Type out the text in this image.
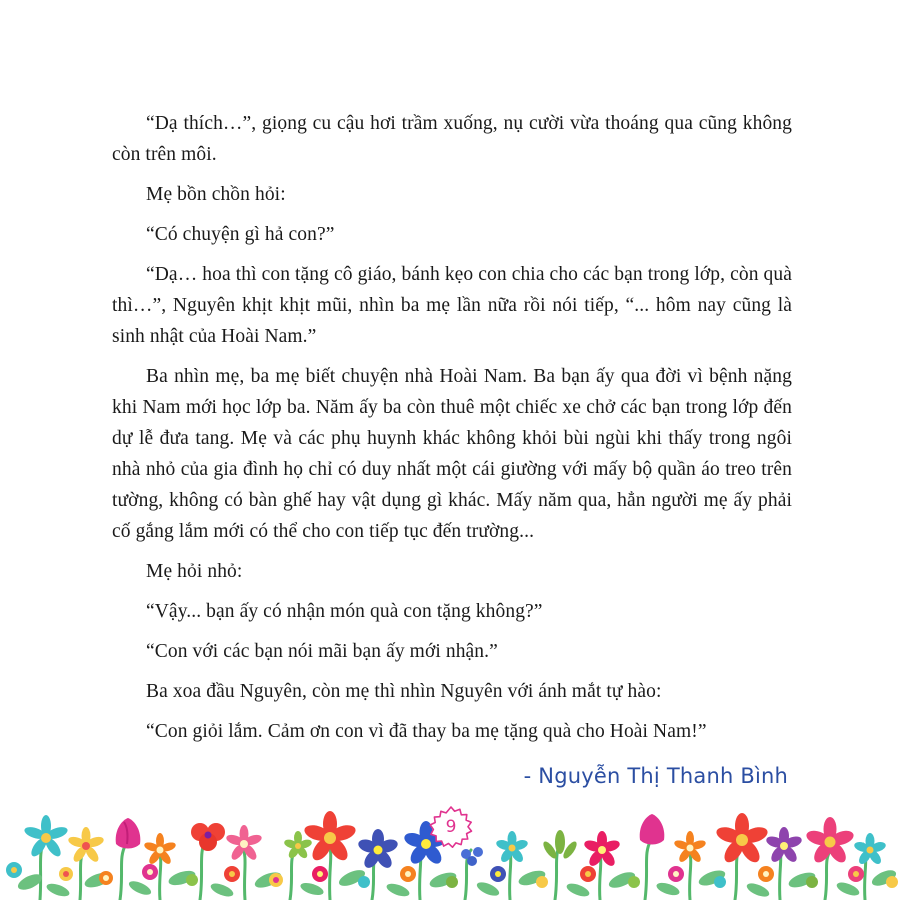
“Dạ thích…”, giọng cu cậu hơi trầm xuống, nụ cười vừa thoáng qua cũng không còn trên môi.

Mẹ bồn chồn hỏi:

“Có chuyện gì hả con?”

“Dạ… hoa thì con tặng cô giáo, bánh kẹo con chia cho các bạn trong lớp, còn quà thì…”, Nguyên khịt khịt mũi, nhìn ba mẹ lần nữa rồi nói tiếp, “... hôm nay cũng là sinh nhật của Hoài Nam.”

Ba nhìn mẹ, ba mẹ biết chuyện nhà Hoài Nam. Ba bạn ấy qua đời vì bệnh nặng khi Nam mới học lớp ba. Năm ấy ba còn thuê một chiếc xe chở các bạn trong lớp đến dự lễ đưa tang. Mẹ và các phụ huynh khác không khỏi bùi ngùi khi thấy trong ngôi nhà nhỏ của gia đình họ chỉ có duy nhất một cái giường với mấy bộ quần áo treo trên tường, không có bàn ghế hay vật dụng gì khác. Mấy năm qua, hẳn người mẹ ấy phải cố gắng lắm mới có thể cho con tiếp tục đến trường...

Mẹ hỏi nhỏ:

“Vậy... bạn ấy có nhận món quà con tặng không?”

“Con với các bạn nói mãi bạn ấy mới nhận.”

Ba xoa đầu Nguyên, còn mẹ thì nhìn Nguyên với ánh mắt tự hào:

“Con giỏi lắm. Cảm ơn con vì đã thay ba mẹ tặng quà cho Hoài Nam!”

- Nguyễn Thị Thanh Bình
9
